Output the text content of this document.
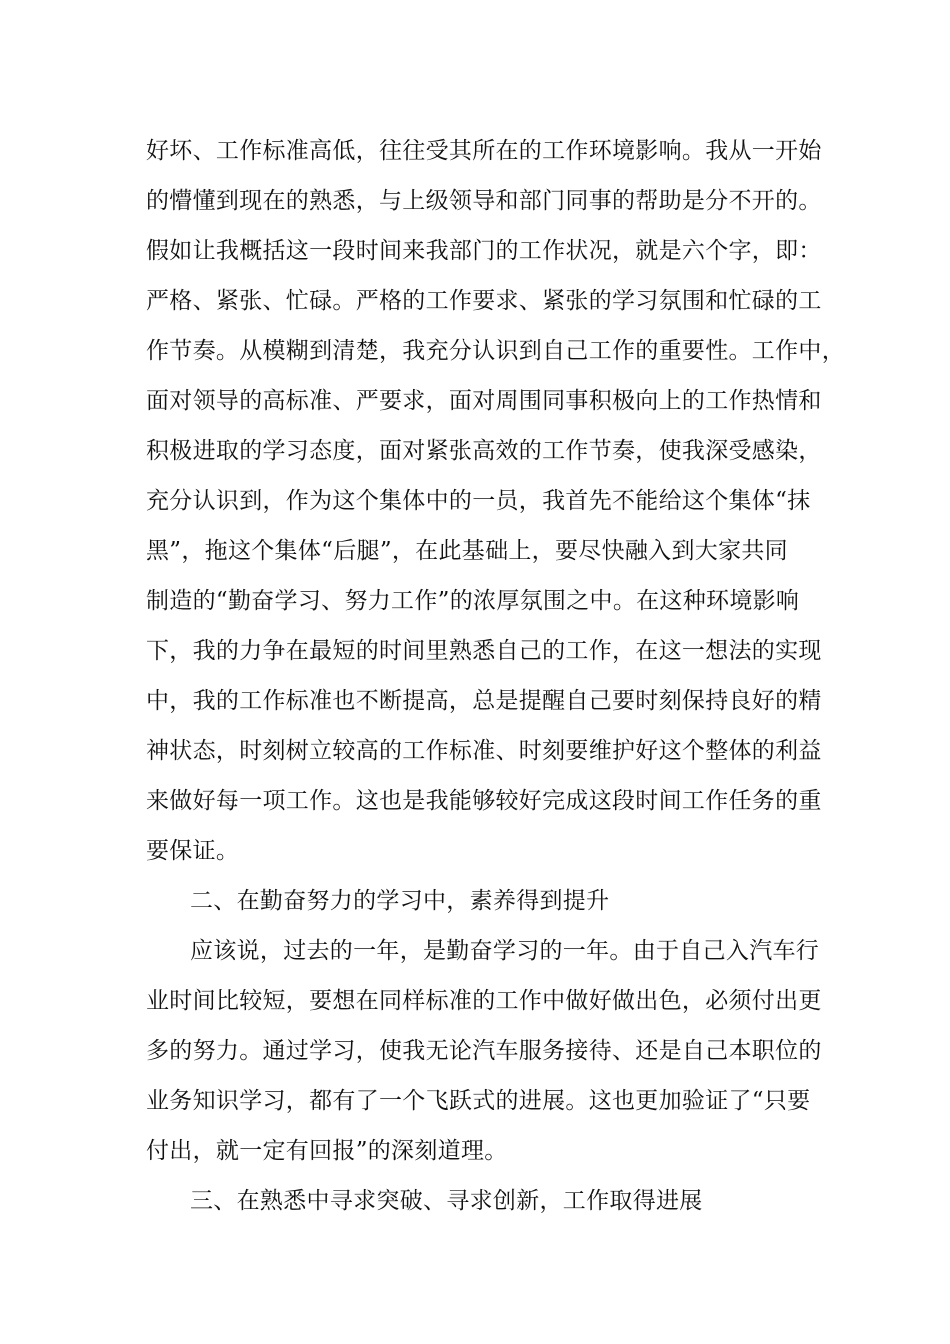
好坏、工作标准高低，往往受其所在的工作环境影响。我从一开始
的懵懂到现在的熟悉，与上级领导和部门同事的帮助是分不开的。
假如让我概括这一段时间来我部门的工作状况，就是六个字，即：
严格、紧张、忙碌。严格的工作要求、紧张的学习氛围和忙碌的工
作节奏。从模糊到清楚，我充分认识到自己工作的重要性。工作中，
面对领导的高标准、严要求，面对周围同事积极向上的工作热情和
积极进取的学习态度，面对紧张高效的工作节奏，使我深受感染，
充分认识到，作为这个集体中的一员，我首先不能给这个集体“抹
黑”，拖这个集体“后腿”，在此基础上，要尽快融入到大家共同
制造的“勤奋学习、努力工作”的浓厚氛围之中。在这种环境影响
下，我的力争在最短的时间里熟悉自己的工作，在这一想法的实现
中，我的工作标准也不断提高，总是提醒自己要时刻保持良好的精
神状态，时刻树立较高的工作标准、时刻要维护好这个整体的利益
来做好每一项工作。这也是我能够较好完成这段时间工作任务的重
要保证。
二、在勤奋努力的学习中，素养得到提升
应该说，过去的一年，是勤奋学习的一年。由于自己入汽车行
业时间比较短，要想在同样标准的工作中做好做出色，必须付出更
多的努力。通过学习，使我无论汽车服务接待、还是自己本职位的
业务知识学习，都有了一个飞跃式的进展。这也更加验证了“只要
付出，就一定有回报”的深刻道理。
三、在熟悉中寻求突破、寻求创新，工作取得进展
